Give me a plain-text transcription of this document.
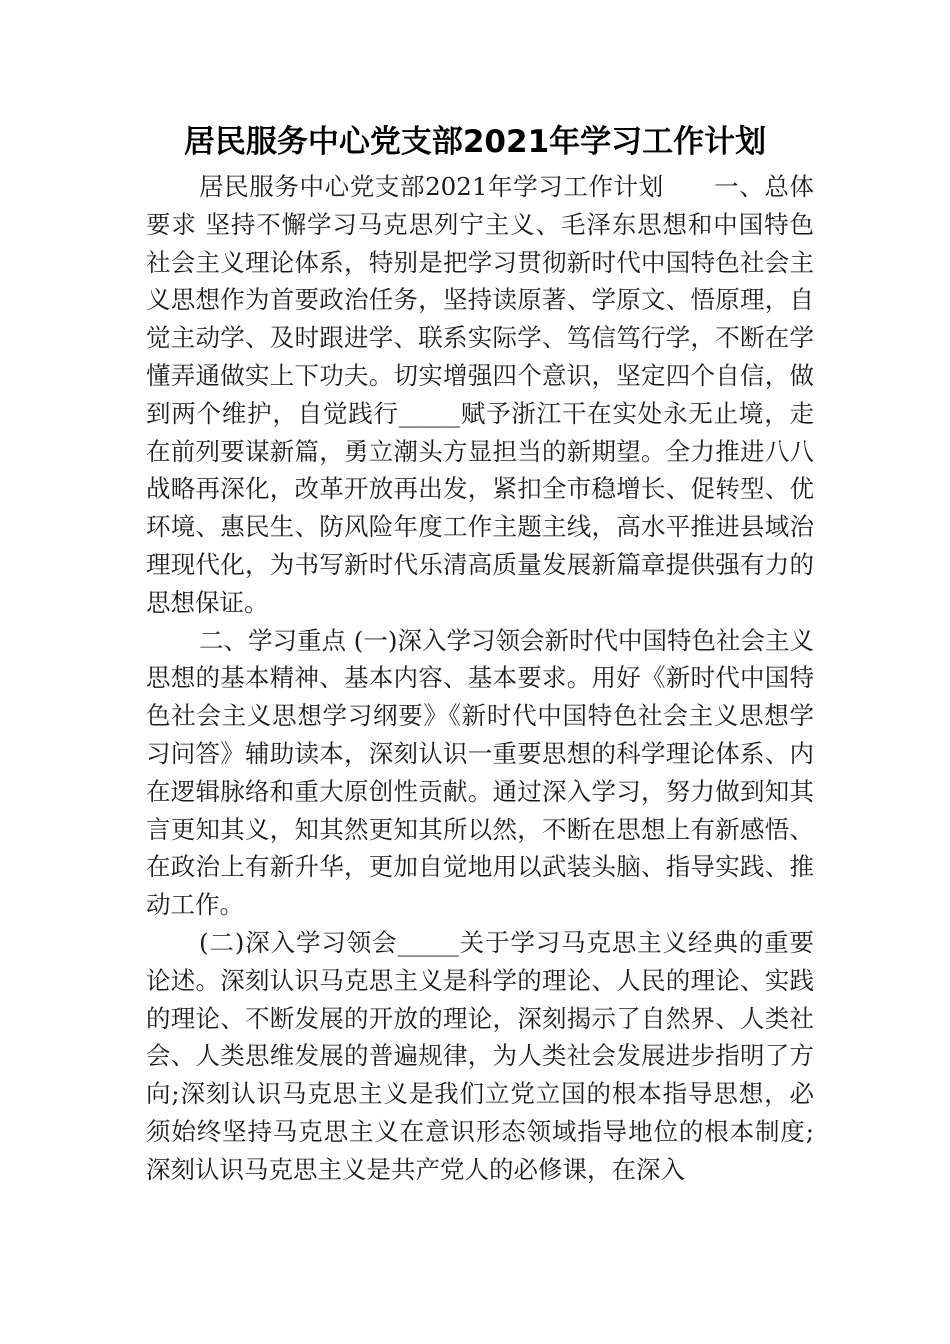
居民服务中心党支部2021年学习工作计划

居民服务中心党支部2021年学习工作计划　　一、总体要求 坚持不懈学习马克思列宁主义、毛泽东思想和中国特色社会主义理论体系，特别是把学习贯彻新时代中国特色社会主义思想作为首要政治任务，坚持读原著、学原文、悟原理，自觉主动学、及时跟进学、联系实际学、笃信笃行学，不断在学懂弄通做实上下功夫。切实增强四个意识，坚定四个自信，做到两个维护，自觉践行_____赋予浙江干在实处永无止境，走在前列要谋新篇，勇立潮头方显担当的新期望。全力推进八八战略再深化，改革开放再出发，紧扣全市稳增长、促转型、优环境、惠民生、防风险年度工作主题主线，高水平推进县域治理现代化，为书写新时代乐清高质量发展新篇章提供强有力的思想保证。

二、学习重点 (一)深入学习领会新时代中国特色社会主义思想的基本精神、基本内容、基本要求。用好《新时代中国特色社会主义思想学习纲要》《新时代中国特色社会主义思想学习问答》辅助读本，深刻认识一重要思想的科学理论体系、内在逻辑脉络和重大原创性贡献。通过深入学习，努力做到知其言更知其义，知其然更知其所以然，不断在思想上有新感悟、在政治上有新升华，更加自觉地用以武装头脑、指导实践、推动工作。

(二)深入学习领会_____关于学习马克思主义经典的重要论述。深刻认识马克思主义是科学的理论、人民的理论、实践的理论、不断发展的开放的理论，深刻揭示了自然界、人类社会、人类思维发展的普遍规律，为人类社会发展进步指明了方向;深刻认识马克思主义是我们立党立国的根本指导思想，必须始终坚持马克思主义在意识形态领域指导地位的根本制度;深刻认识马克思主义是共产党人的必修课，在深入
